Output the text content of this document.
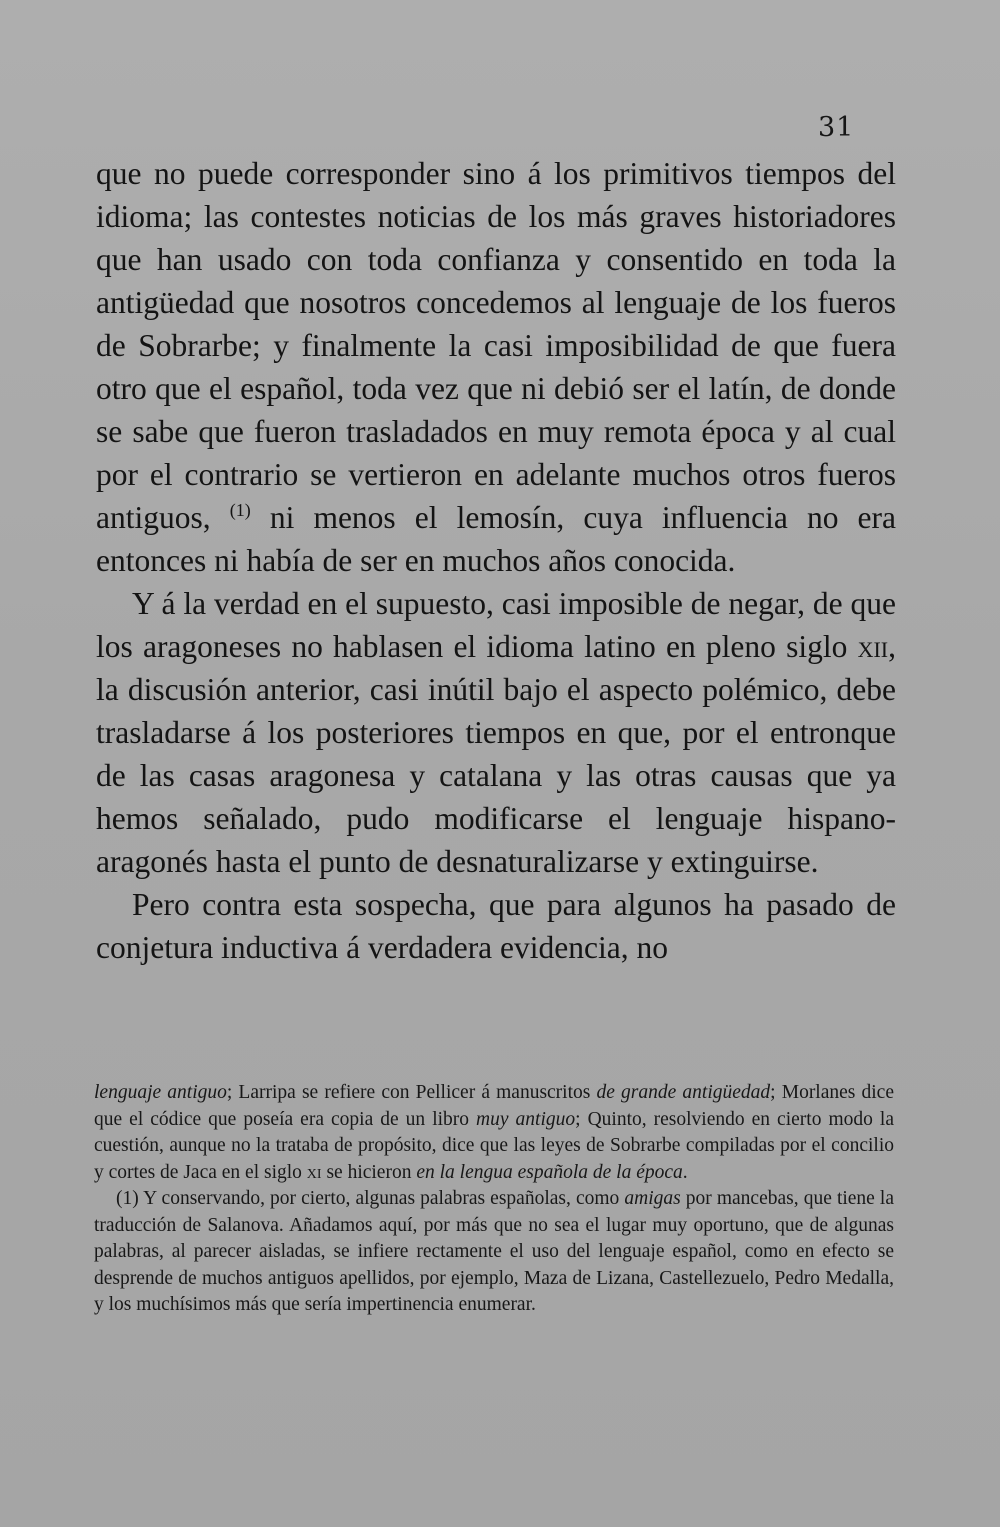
31

que no puede corresponder sino á los primitivos tiempos del idioma; las contestes noticias de los más graves historiadores que han usado con toda confianza y consentido en toda la antigüedad que nosotros concedemos al lenguaje de los fueros de Sobrarbe; y finalmente la casi imposibilidad de que fuera otro que el español, toda vez que ni debió ser el latín, de donde se sabe que fueron trasladados en muy remota época y al cual por el contrario se vertieron en adelante muchos otros fueros antiguos, $^{(1)}$ ni menos el lemosín, cuya influencia no era entonces ni había de ser en muchos años conocida.

Y á la verdad en el supuesto, casi imposible de negar, de que los aragoneses no hablasen el idioma latino en pleno siglo xii, la discusión anterior, casi inútil bajo el aspecto polémico, debe trasladarse á los posteriores tiempos en que, por el entronque de las casas aragonesa y catalana y las otras causas que ya hemos señalado, pudo modificarse el lenguaje hispano-aragonés hasta el punto de desnaturalizarse y extinguirse.

Pero contra esta sospecha, que para algunos ha pasado de conjetura inductiva á verdadera evidencia, no

lenguaje antiguo; Larripa se refiere con Pellicer á manuscritos de grande antigüedad; Morlanes dice que el códice que poseía era copia de un libro muy antiguo; Quinto, resolviendo en cierto modo la cuestión, aunque no la trataba de propósito, dice que las leyes de Sobrarbe compiladas por el concilio y cortes de Jaca en el siglo xi se hicieron en la lengua española de la época.

(1) Y conservando, por cierto, algunas palabras españolas, como amigas por mancebas, que tiene la traducción de Salanova. Añadamos aquí, por más que no sea el lugar muy oportuno, que de algunas palabras, al parecer aisladas, se infiere rectamente el uso del lenguaje español, como en efecto se desprende de muchos antiguos apellidos, por ejemplo, Maza de Lizana, Castellezuelo, Pedro Medalla, y los muchísimos más que sería impertinencia enumerar.
